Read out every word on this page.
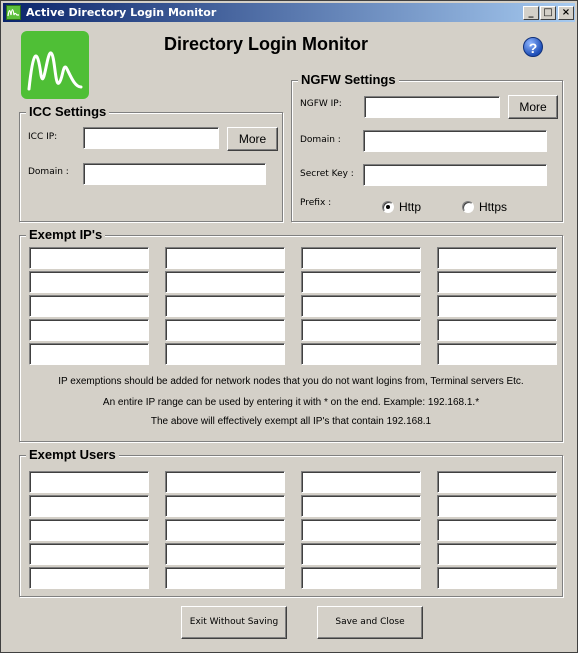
Active Directory Login Monitor	_ □ ×
Directory Login Monitor	?
ICC Settings
ICC IP:	More
Domain :
NGFW Settings
NGFW IP:	More
Domain :
Secret Key :
Prefix :	Http	Https
Exempt IP's
IP exemptions should be added for network nodes that you do not want logins from, Terminal servers Etc.
An entire IP range can be used by entering it with * on the end. Example: 192.168.1.*
The above will effectively exempt all IP's that contain 192.168.1
Exempt Users
Exit Without Saving	Save and Close
